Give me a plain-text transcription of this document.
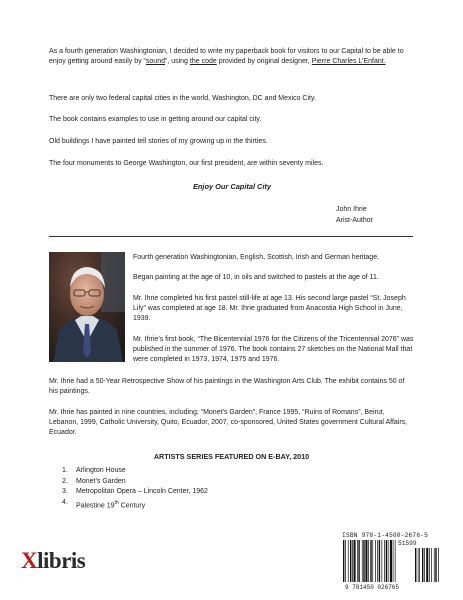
As a fourth generation Washingtonian, I decided to write my paperback book for visitors to our Capital to be able to enjoy getting around easily by “sound”, using the code provided by original designer, Pierre Charles L’Enfant.

There are only two federal capital cities in the world, Washington, DC and Mexico City.

The book contains examples to use in getting around our capital city.

Old buildings I have painted tell stories of my growing up in the thirties.

The four monuments to George Washington, our first president, are within seventy miles.

Enjoy Our Capital City

John Ihrie
Arist-Author

Fourth generation Washingtonian, English, Scottish, Irish and German heritage.

Began painting at the age of 10, in oils and switched to pastels at the age of 11.

Mr. Ihrie completed his first pastel still-life at age 13. His second large pastel “St. Joseph Lily” was completed at age 18. Mr. Ihrie graduated from Anacostia High School in June, 1939.

Mr. Ihrie’s first book, “The Bicentennial 1976 for the Citizens of the Tricentennial 2076” was published in the summer of 1976. The book contains 27 sketches on the National Mall that were completed in 1973, 1974, 1975 and 1976.

Mr. Ihrie had a 50-Year Retrospective Show of his paintings in the Washington Arts Club. The exhibit contains 50 of his paintings.

Mr. Ihrie has painted in nine countries, including; “Monet’s Garden”, France 1995, “Ruins of Romans”, Beirut, Lebanon, 1999, Catholic University, Quito, Ecuador, 2007, co-sponsored, United States government Cultural Affairs, Ecuador.

ARTISTS SERIES FEATURED ON E-BAY, 2010
1.	Arlington House
2.	Monet’s Garden
3.	Metropolitan Opera – Lincoln Center, 1962
4.	Palestine 19th Century
Xlibris
ISBN 978-1-4500-2676-5
51599
9 781450 026765
